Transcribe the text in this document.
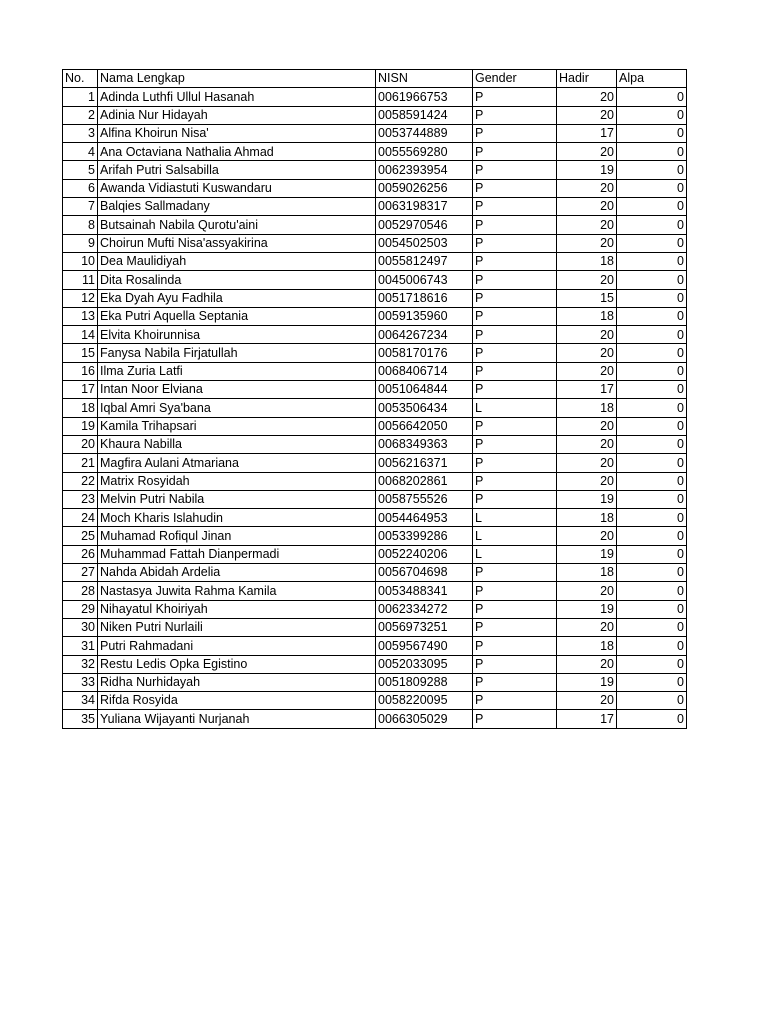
No.	Nama Lengkap	NISN	Gender	Hadir	Alpa
1	Adinda Luthfi Ullul Hasanah	0061966753	P	20	0
2	Adinia Nur Hidayah	0058591424	P	20	0
3	Alfina Khoirun Nisa'	0053744889	P	17	0
4	Ana Octaviana Nathalia Ahmad	0055569280	P	20	0
5	Arifah Putri Salsabilla	0062393954	P	19	0
6	Awanda Vidiastuti Kuswandaru	0059026256	P	20	0
7	Balqies Sallmadany	0063198317	P	20	0
8	Butsainah Nabila Qurotu'aini	0052970546	P	20	0
9	Choirun Mufti Nisa'assyakirina	0054502503	P	20	0
10	Dea Maulidiyah	0055812497	P	18	0
11	Dita Rosalinda	0045006743	P	20	0
12	Eka Dyah Ayu Fadhila	0051718616	P	15	0
13	Eka Putri Aquella Septania	0059135960	P	18	0
14	Elvita Khoirunnisa	0064267234	P	20	0
15	Fanysa Nabila Firjatullah	0058170176	P	20	0
16	Ilma Zuria Latfi	0068406714	P	20	0
17	Intan Noor Elviana	0051064844	P	17	0
18	Iqbal Amri Sya'bana	0053506434	L	18	0
19	Kamila Trihapsari	0056642050	P	20	0
20	Khaura Nabilla	0068349363	P	20	0
21	Magfira Aulani Atmariana	0056216371	P	20	0
22	Matrix Rosyidah	0068202861	P	20	0
23	Melvin Putri Nabila	0058755526	P	19	0
24	Moch Kharis Islahudin	0054464953	L	18	0
25	Muhamad Rofiqul Jinan	0053399286	L	20	0
26	Muhammad Fattah Dianpermadi	0052240206	L	19	0
27	Nahda Abidah Ardelia	0056704698	P	18	0
28	Nastasya Juwita Rahma Kamila	0053488341	P	20	0
29	Nihayatul Khoiriyah	0062334272	P	19	0
30	Niken Putri Nurlaili	0056973251	P	20	0
31	Putri Rahmadani	0059567490	P	18	0
32	Restu Ledis Opka Egistino	0052033095	P	20	0
33	Ridha Nurhidayah	0051809288	P	19	0
34	Rifda Rosyida	0058220095	P	20	0
35	Yuliana Wijayanti Nurjanah	0066305029	P	17	0
